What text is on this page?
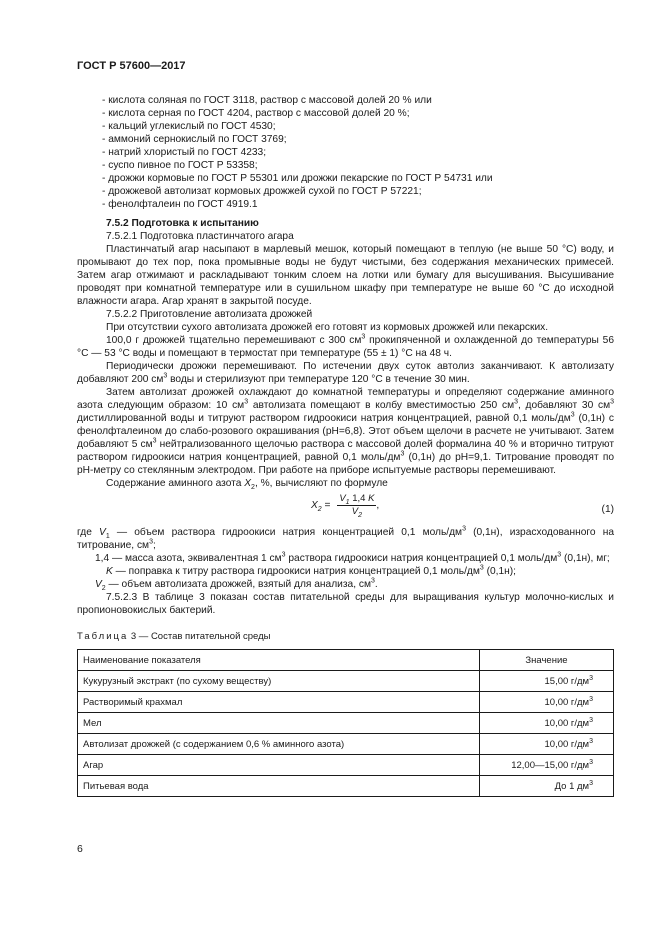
ГОСТ Р 57600—2017
- кислота соляная по ГОСТ 3118, раствор с массовой долей 20 % или
- кислота серная по ГОСТ 4204, раствор с массовой долей 20 %;
- кальций углекислый по ГОСТ 4530;
- аммоний сернокислый по ГОСТ 3769;
- натрий хлористый по ГОСТ 4233;
- суспо пивное по ГОСТ Р 53358;
- дрожжи кормовые по ГОСТ Р 55301 или дрожжи пекарские по ГОСТ Р 54731 или
- дрожжевой автолизат кормовых дрожжей сухой по ГОСТ Р 57221;
- фенолфталеин по ГОСТ 4919.1
7.5.2 Подготовка к испытанию
7.5.2.1 Подготовка пластинчатого агара

Пластинчатый агар насыпают в марлевый мешок, который помещают в теплую (не выше 50 °С) воду, и промывают до тех пор, пока промывные воды не будут чистыми, без содержания механических примесей. Затем агар отжимают и раскладывают тонким слоем на лотки или бумагу для высушивания. Высушивание проводят при комнатной температуре или в сушильном шкафу при температуре не выше 60 °С до исходной влажности агара. Агар хранят в закрытой посуде.

7.5.2.2 Приготовление автолизата дрожжей

При отсутствии сухого автолизата дрожжей его готовят из кормовых дрожжей или пекарских.

100,0 г дрожжей тщательно перемешивают с 300 $см^3$ прокипяченной и охлажденной до температуры 56 °С — 53 °С воды и помещают в термостат при температуре (55 ± 1) °С на 48 ч.

Периодически дрожжи перемешивают. По истечении двух суток автолиз заканчивают. К автолизату добавляют 200 $см^3$ воды и стерилизуют при температуре 120 °С в течение 30 мин.

Затем автолизат дрожжей охлаждают до комнатной температуры и определяют содержание аминного азота следующим образом: 10 $см^3$ автолизата помещают в колбу вместимостью 250 $см^3$, добавляют 30 $см^3$ дистиллированной воды и титруют раствором гидроокиси натрия концентрацией, равной 0,1 моль/$дм^3$ (0,1н) с фенолфталеином до слабо-розового окрашивания (рН=6,8). Этот объем щелочи в расчете не учитывают. Затем добавляют 5 $см^3$ нейтрализованного щелочью раствора с массовой долей формалина 40 % и вторично титруют раствором гидроокиси натрия концентрацией, равной 0,1 моль/$дм^3$ (0,1н) до рН=9,1. Титрование проводят по рН-метру со стеклянным электродом. При работе на приборе испытуемые растворы перемешивают.

Содержание аминного азота $X_2$, %, вычисляют по формуле

$X_2 = \frac{V_1 1,4 K}{V_2}$ ,	(1)

где $V_1$ — объем раствора гидроокиси натрия концентрацией 0,1 моль/$дм^3$ (0,1н), израсходованного на титрование, $см^3$;

1,4 — масса азота, эквивалентная 1 $см^3$ раствора гидроокиси натрия концентрацией 0,1 моль/$дм^3$ (0,1н), мг;

K — поправка к титру раствора гидроокиси натрия концентрацией 0,1 моль/$дм^3$ (0,1н);

$V_2$ — объем автолизата дрожжей, взятый для анализа, $см^3$.

7.5.2.3 В таблице 3 показан состав питательной среды для выращивания культур молочно-кислых и пропионовокислых бактерий.

Таблица 3 — Состав питательной среды
Наименование показателя	Значение
Кукурузный экстракт (по сухому веществу)	15,00 $г/дм^3$
Растворимый крахмал	10,00 $г/дм^3$
Мел	10,00 $г/дм^3$
Автолизат дрожжей (с содержанием 0,6 % аминного азота)	10,00 $г/дм^3$
Агар	12,00—15,00 $г/дм^3$
Питьевая вода	До 1 $дм^3$
6
